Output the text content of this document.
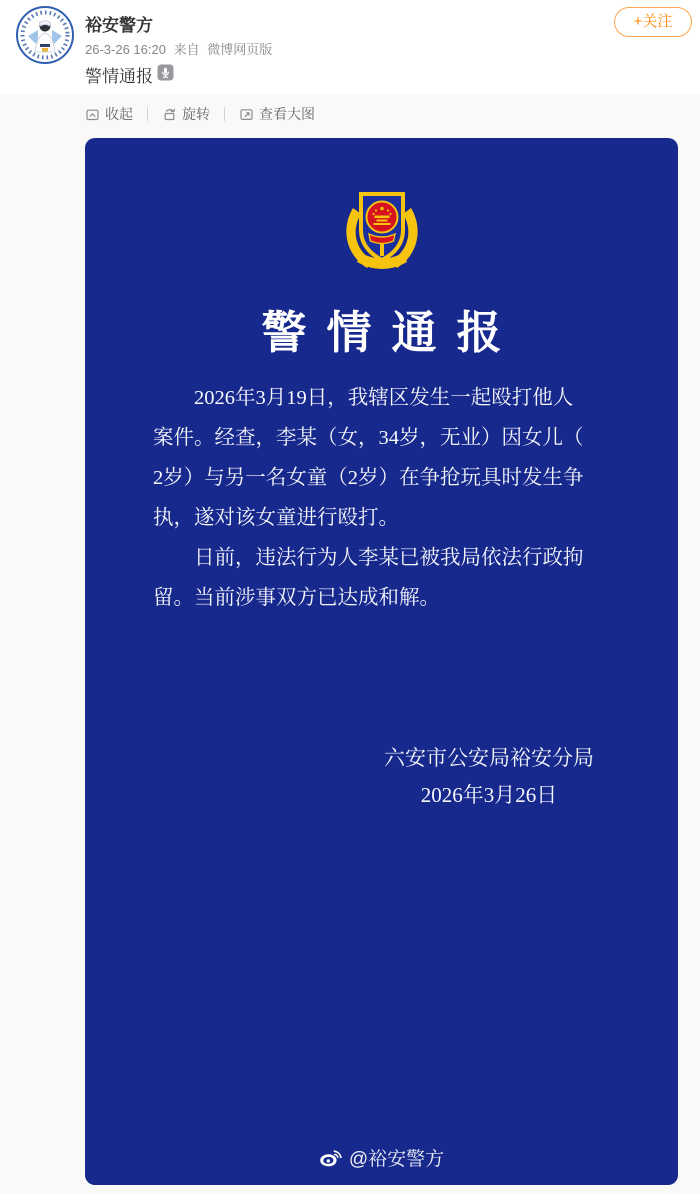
裕安警方
26-3-26 16:20 来自 微博网页版
+关注
警情通报
收起	旋转	查看大图
警情通报
2026年3月19日，我辖区发生一起殴打他人
案件。经查，李某（女，34岁，无业）因女儿（
2岁）与另一名女童（2岁）在争抢玩具时发生争
执，遂对该女童进行殴打。
日前，违法行为人李某已被我局依法行政拘
留。当前涉事双方已达成和解。
六安市公安局裕安分局
2026年3月26日
@裕安警方
